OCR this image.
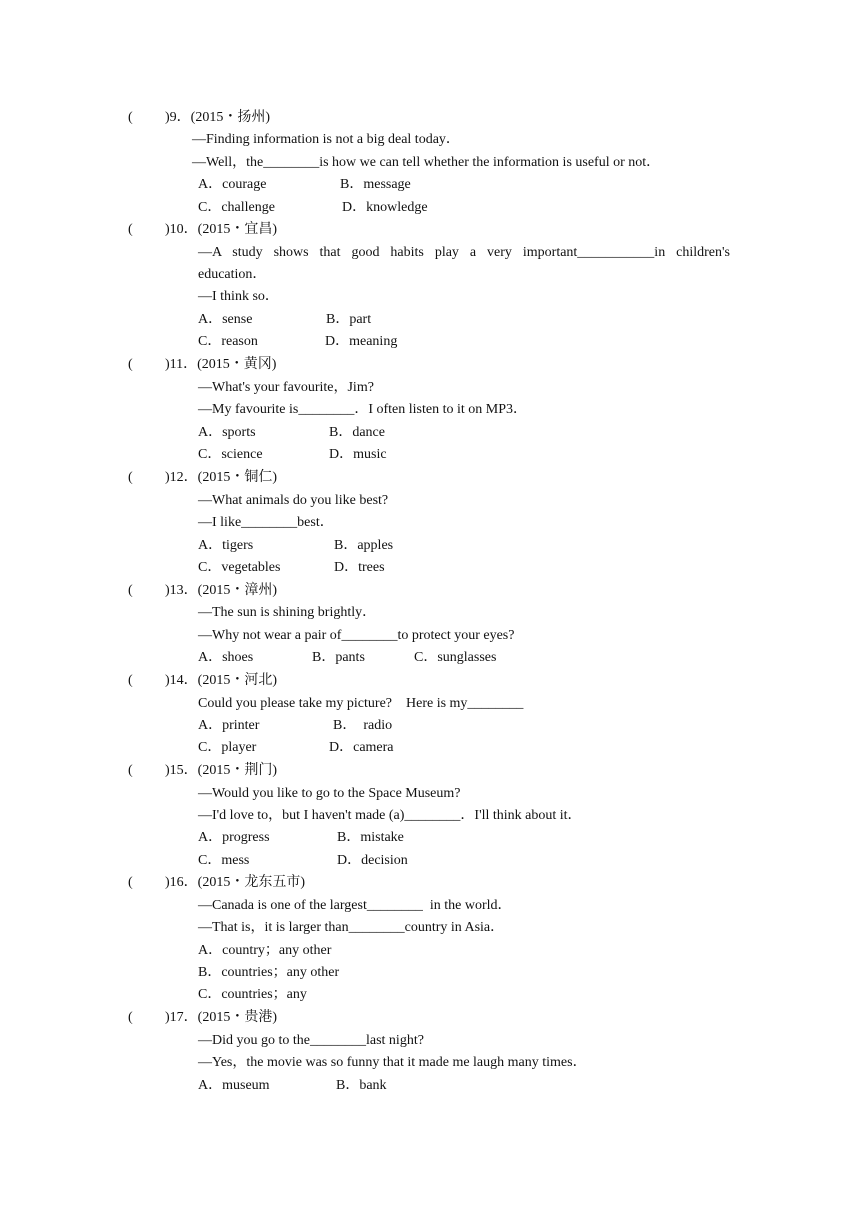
( )9．(2015・扬州)
—Finding information is not a big deal today．
—Well，the________is how we can tell whether the information is useful or not．
A．courage	B．message
C．challenge	D．knowledge
( )10．(2015・宜昌)
—A study shows that good habits play a very important___________in children's
education．
—I think so．
A．sense	B．part
C．reason	D．meaning
( )11．(2015・黄冈)
—What's your favourite，Jim?
—My favourite is________．I often listen to it on MP3．
A．sports	B．dance
C．science	D．music
( )12．(2015・铜仁)
—What animals do you like best?
—I like________best．
A．tigers	B．apples
C．vegetables	D．trees
( )13．(2015・漳州)
—The sun is shining brightly．
—Why not wear a pair of________to protect your eyes?
A．shoes	B．pants	C．sunglasses
( )14．(2015・河北)
Could you please take my picture?    Here is my________
A．printer	B．  radio
C．player	D．camera
( )15．(2015・荆门)
—Would you like to go to the Space Museum?
—I'd love to，but I haven't made (a)________．I'll think about it．
A．progress	B．mistake
C．mess	D．decision
( )16．(2015・龙东五市)
—Canada is one of the largest________  in the world．
—That is，it is larger than________country in Asia．
A．country；any other
B．countries；any other
C．countries；any
( )17．(2015・贵港)
—Did you go to the________last night?
—Yes，the movie was so funny that it made me laugh many times．
A．museum	B．bank
